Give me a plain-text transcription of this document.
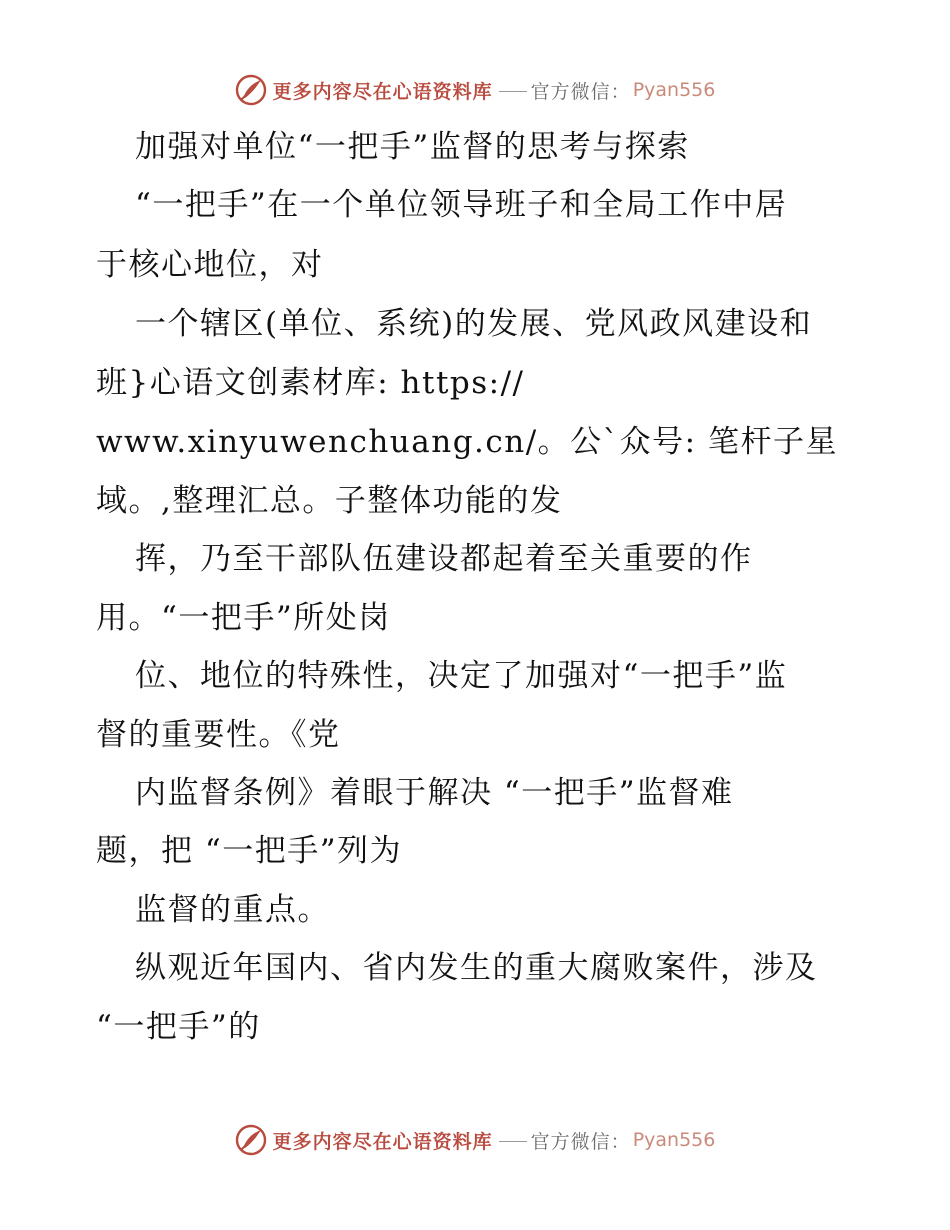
更多内容尽在心语资料库 官方微信： Pyan556
加强对单位“一把手”监督的思考与探索
“一把手”在一个单位领导班子和全局工作中居
于核心地位，对
一个辖区(单位、系统)的发展、党风政风建设和
班}心语文创素材库: https://
www.xinyuwenchuang.cn/。公`众号: 笔杆子星
域。,整理汇总。子整体功能的发
挥，乃至干部队伍建设都起着至关重要的作
用。“一把手”所处岗
位、地位的特殊性，决定了加强对“一把手”监
督的重要性。《党
内监督条例》着眼于解决 “一把手”监督难
题，把 “一把手”列为
监督的重点。
纵观近年国内、省内发生的重大腐败案件，涉及
“一把手”的
更多内容尽在心语资料库 官方微信： Pyan556
